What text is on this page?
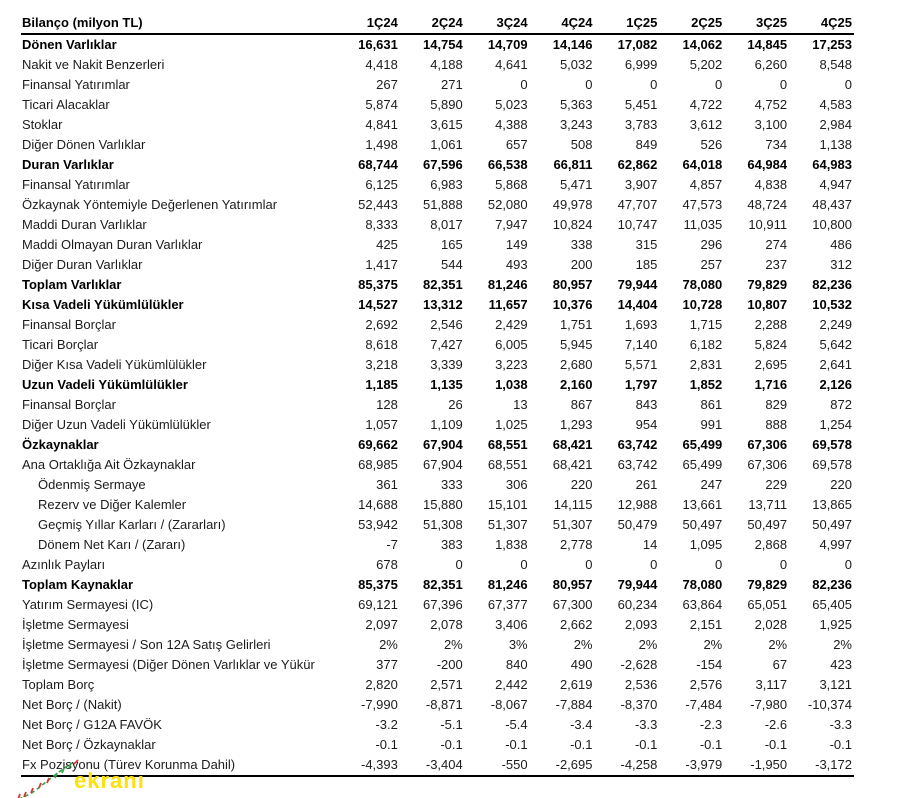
Bilanço (milyon TL)	1Ç24	2Ç24	3Ç24	4Ç24	1Ç25	2Ç25	3Ç25	4Ç25
Dönen Varlıklar	16,631	14,754	14,709	14,146	17,082	14,062	14,845	17,253
Nakit ve Nakit Benzerleri	4,418	4,188	4,641	5,032	6,999	5,202	6,260	8,548
Finansal Yatırımlar	267	271	0	0	0	0	0	0
Ticari Alacaklar	5,874	5,890	5,023	5,363	5,451	4,722	4,752	4,583
Stoklar	4,841	3,615	4,388	3,243	3,783	3,612	3,100	2,984
Diğer Dönen Varlıklar	1,498	1,061	657	508	849	526	734	1,138
Duran Varlıklar	68,744	67,596	66,538	66,811	62,862	64,018	64,984	64,983
Finansal Yatırımlar	6,125	6,983	5,868	5,471	3,907	4,857	4,838	4,947
Özkaynak Yöntemiyle Değerlenen Yatırımlar	52,443	51,888	52,080	49,978	47,707	47,573	48,724	48,437
Maddi Duran Varlıklar	8,333	8,017	7,947	10,824	10,747	11,035	10,911	10,800
Maddi Olmayan Duran Varlıklar	425	165	149	338	315	296	274	486
Diğer Duran Varlıklar	1,417	544	493	200	185	257	237	312
Toplam Varlıklar	85,375	82,351	81,246	80,957	79,944	78,080	79,829	82,236
Kısa Vadeli Yükümlülükler	14,527	13,312	11,657	10,376	14,404	10,728	10,807	10,532
Finansal Borçlar	2,692	2,546	2,429	1,751	1,693	1,715	2,288	2,249
Ticari Borçlar	8,618	7,427	6,005	5,945	7,140	6,182	5,824	5,642
Diğer Kısa Vadeli Yükümlülükler	3,218	3,339	3,223	2,680	5,571	2,831	2,695	2,641
Uzun Vadeli Yükümlülükler	1,185	1,135	1,038	2,160	1,797	1,852	1,716	2,126
Finansal Borçlar	128	26	13	867	843	861	829	872
Diğer Uzun Vadeli Yükümlülükler	1,057	1,109	1,025	1,293	954	991	888	1,254
Özkaynaklar	69,662	67,904	68,551	68,421	63,742	65,499	67,306	69,578
Ana Ortaklığa Ait Özkaynaklar	68,985	67,904	68,551	68,421	63,742	65,499	67,306	69,578
Ödenmiş Sermaye	361	333	306	220	261	247	229	220
Rezerv ve Diğer Kalemler	14,688	15,880	15,101	14,115	12,988	13,661	13,711	13,865
Geçmiş Yıllar Karları / (Zararları)	53,942	51,308	51,307	51,307	50,479	50,497	50,497	50,497
Dönem Net Karı / (Zararı)	-7	383	1,838	2,778	14	1,095	2,868	4,997
Azınlık Payları	678	0	0	0	0	0	0	0
Toplam Kaynaklar	85,375	82,351	81,246	80,957	79,944	78,080	79,829	82,236
Yatırım Sermayesi (IC)	69,121	67,396	67,377	67,300	60,234	63,864	65,051	65,405
İşletme Sermayesi	2,097	2,078	3,406	2,662	2,093	2,151	2,028	1,925
İşletme Sermayesi / Son 12A Satış Gelirleri	2%	2%	3%	2%	2%	2%	2%	2%
İşletme Sermayesi (Diğer Dönen Varlıklar ve Yükür	377	-200	840	490	-2,628	-154	67	423
Toplam Borç	2,820	2,571	2,442	2,619	2,536	2,576	3,117	3,121
Net Borç / (Nakit)	-7,990	-8,871	-8,067	-7,884	-8,370	-7,484	-7,980	-10,374
Net Borç / G12A FAVÖK	-3.2	-5.1	-5.4	-3.4	-3.3	-2.3	-2.6	-3.3
Net Borç / Özkaynaklar	-0.1	-0.1	-0.1	-0.1	-0.1	-0.1	-0.1	-0.1
Fx Pozisyonu (Türev Korunma Dahil)	-4,393	-3,404	-550	-2,695	-4,258	-3,979	-1,950	-3,172
ekranı
